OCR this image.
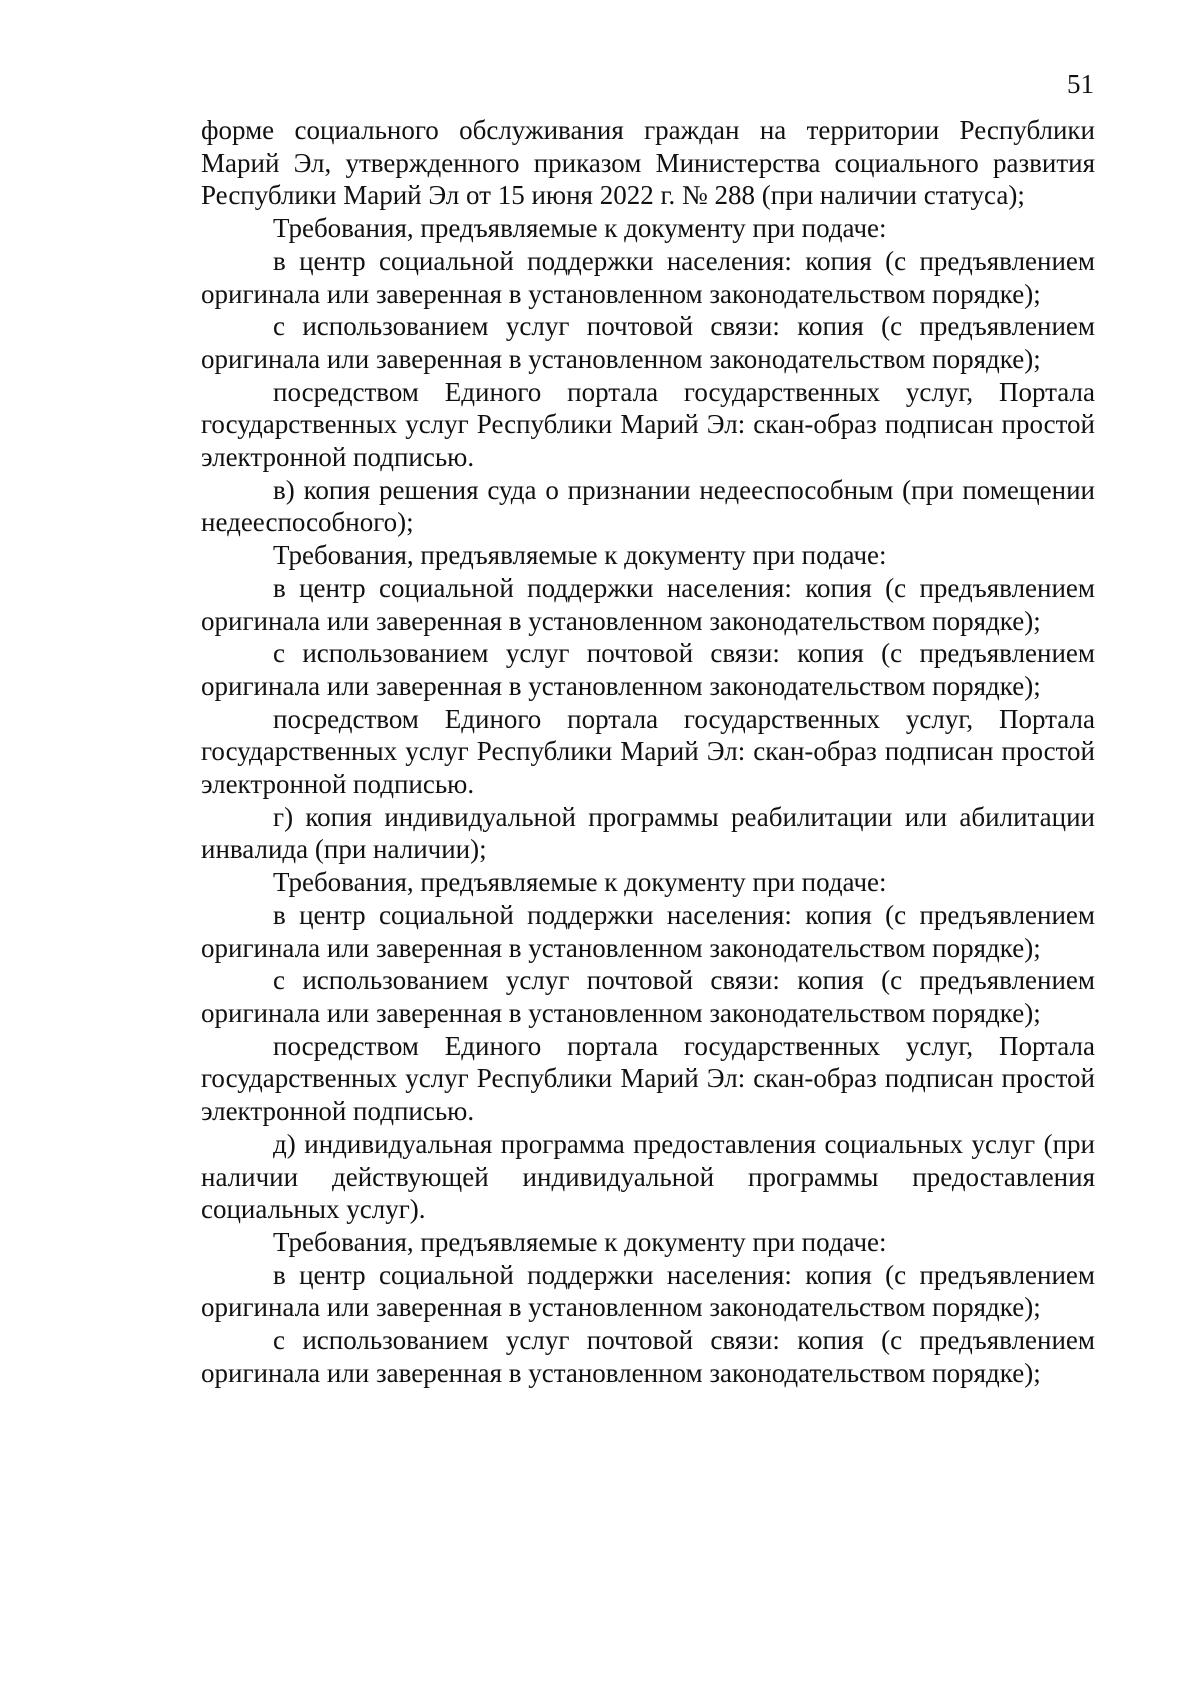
51

форме социального обслуживания граждан на территории Республики Марий Эл, утвержденного приказом Министерства социального развития Республики Марий Эл от 15 июня 2022 г. № 288 (при наличии статуса);

Требования, предъявляемые к документу при подаче:

в центр социальной поддержки населения: копия (с предъявлением оригинала или заверенная в установленном законодательством порядке);

с использованием услуг почтовой связи: копия (с предъявлением оригинала или заверенная в установленном законодательством порядке);

посредством Единого портала государственных услуг, Портала государственных услуг Республики Марий Эл: скан-образ подписан простой электронной подписью.

в) копия решения суда о признании недееспособным (при помещении недееспособного);

Требования, предъявляемые к документу при подаче:

в центр социальной поддержки населения: копия (с предъявлением оригинала или заверенная в установленном законодательством порядке);

с использованием услуг почтовой связи: копия (с предъявлением оригинала или заверенная в установленном законодательством порядке);

посредством Единого портала государственных услуг, Портала государственных услуг Республики Марий Эл: скан-образ подписан простой электронной подписью.

г) копия индивидуальной программы реабилитации или абилитации инвалида (при наличии);

Требования, предъявляемые к документу при подаче:

в центр социальной поддержки населения: копия (с предъявлением оригинала или заверенная в установленном законодательством порядке);

с использованием услуг почтовой связи: копия (с предъявлением оригинала или заверенная в установленном законодательством порядке);

посредством Единого портала государственных услуг, Портала государственных услуг Республики Марий Эл: скан-образ подписан простой электронной подписью.

д) индивидуальная программа предоставления социальных услуг (при наличии действующей индивидуальной программы предоставления социальных услуг).

Требования, предъявляемые к документу при подаче:

в центр социальной поддержки населения: копия (с предъявлением оригинала или заверенная в установленном законодательством порядке);

с использованием услуг почтовой связи: копия (с предъявлением оригинала или заверенная в установленном законодательством порядке);
